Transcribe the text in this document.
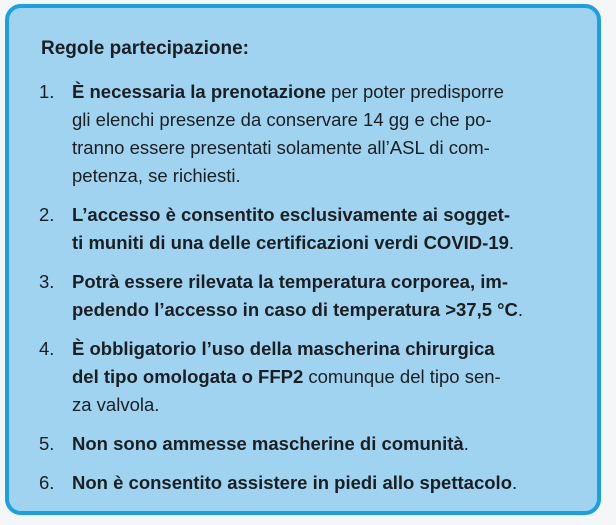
Regole partecipazione:
1. È necessaria la prenotazione per poter predisporre
gli elenchi presenze da conservare 14 gg e che po-
tranno essere presentati solamente all’ASL di com-
petenza, se richiesti.
2. L’accesso è consentito esclusivamente ai sogget-
ti muniti di una delle certificazioni verdi COVID-19.
3. Potrà essere rilevata la temperatura corporea, im-
pedendo l’accesso in caso di temperatura >37,5 °C.
4. È obbligatorio l’uso della mascherina chirurgica
del tipo omologata o FFP2 comunque del tipo sen-
za valvola.
5. Non sono ammesse mascherine di comunità.
6. Non è consentito assistere in piedi allo spettacolo.
